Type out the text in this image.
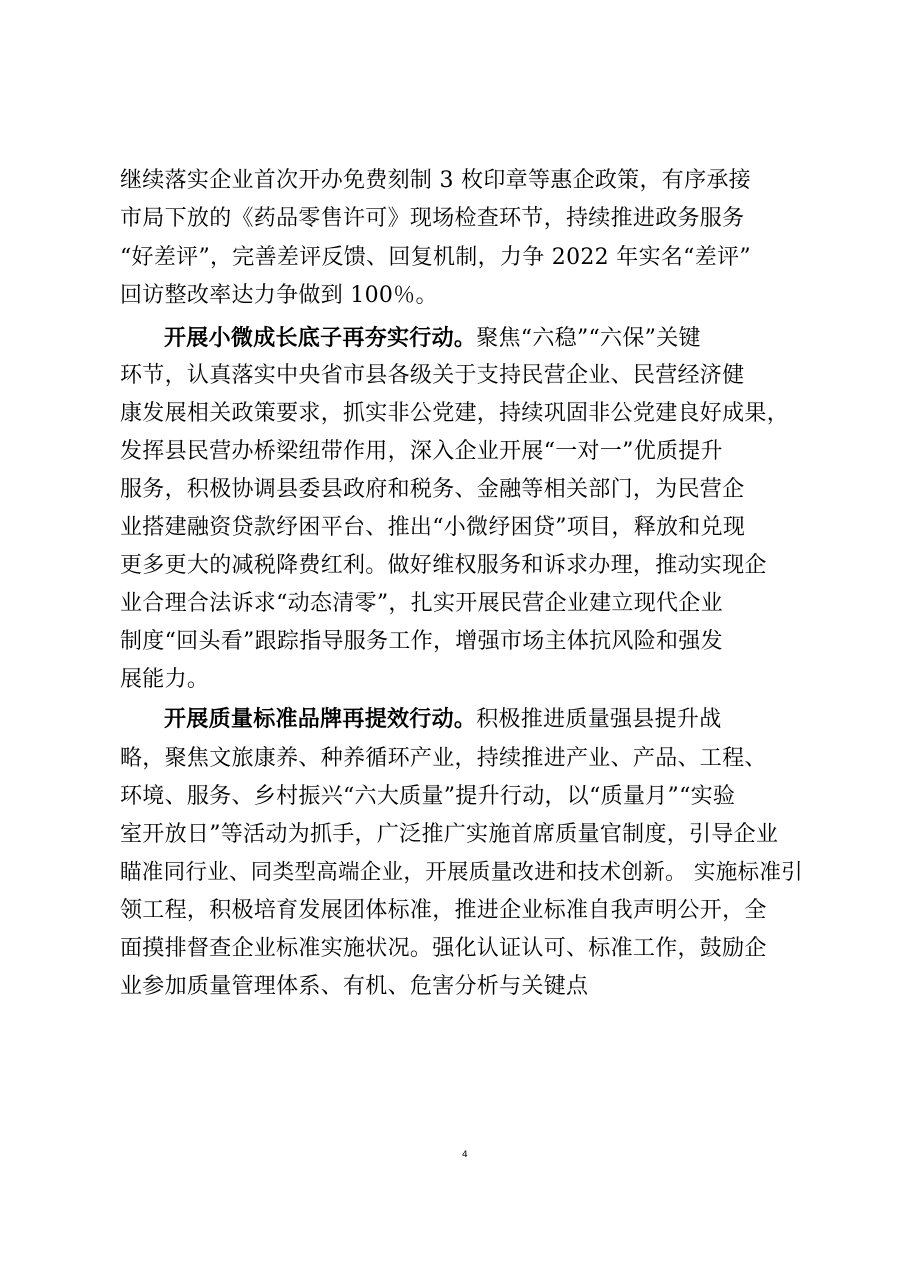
继续落实企业首次开办免费刻制 3 枚印章等惠企政策，有序承接
市局下放的《药品零售许可》现场检查环节，持续推进政务服务
“好差评”，完善差评反馈、回复机制，力争 2022 年实名“差评”
回访整改率达力争做到 100％。
开展小微成长底子再夯实行动。聚焦“六稳”“六保”关键
环节，认真落实中央省市县各级关于支持民营企业、民营经济健
康发展相关政策要求，抓实非公党建，持续巩固非公党建良好成果，
发挥县民营办桥梁纽带作用，深入企业开展“一对一”优质提升
服务，积极协调县委县政府和税务、金融等相关部门，为民营企
业搭建融资贷款纾困平台、推出“小微纾困贷”项目，释放和兑现
更多更大的减税降费红利。做好维权服务和诉求办理，推动实现企
业合理合法诉求“动态清零”，扎实开展民营企业建立现代企业
制度“回头看”跟踪指导服务工作，增强市场主体抗风险和强发
展能力。
开展质量标准品牌再提效行动。积极推进质量强县提升战
略，聚焦文旅康养、种养循环产业，持续推进产业、产品、工程、
环境、服务、乡村振兴“六大质量”提升行动，以“质量月”“实验
室开放日”等活动为抓手，广泛推广实施首席质量官制度，引导企业
瞄准同行业、同类型高端企业，开展质量改进和技术创新。 实施标准引
领工程，积极培育发展团体标准，推进企业标准自我声明公开，全
面摸排督查企业标准实施状况。强化认证认可、标准工作，鼓励企
业参加质量管理体系、有机、危害分析与关键点
4
